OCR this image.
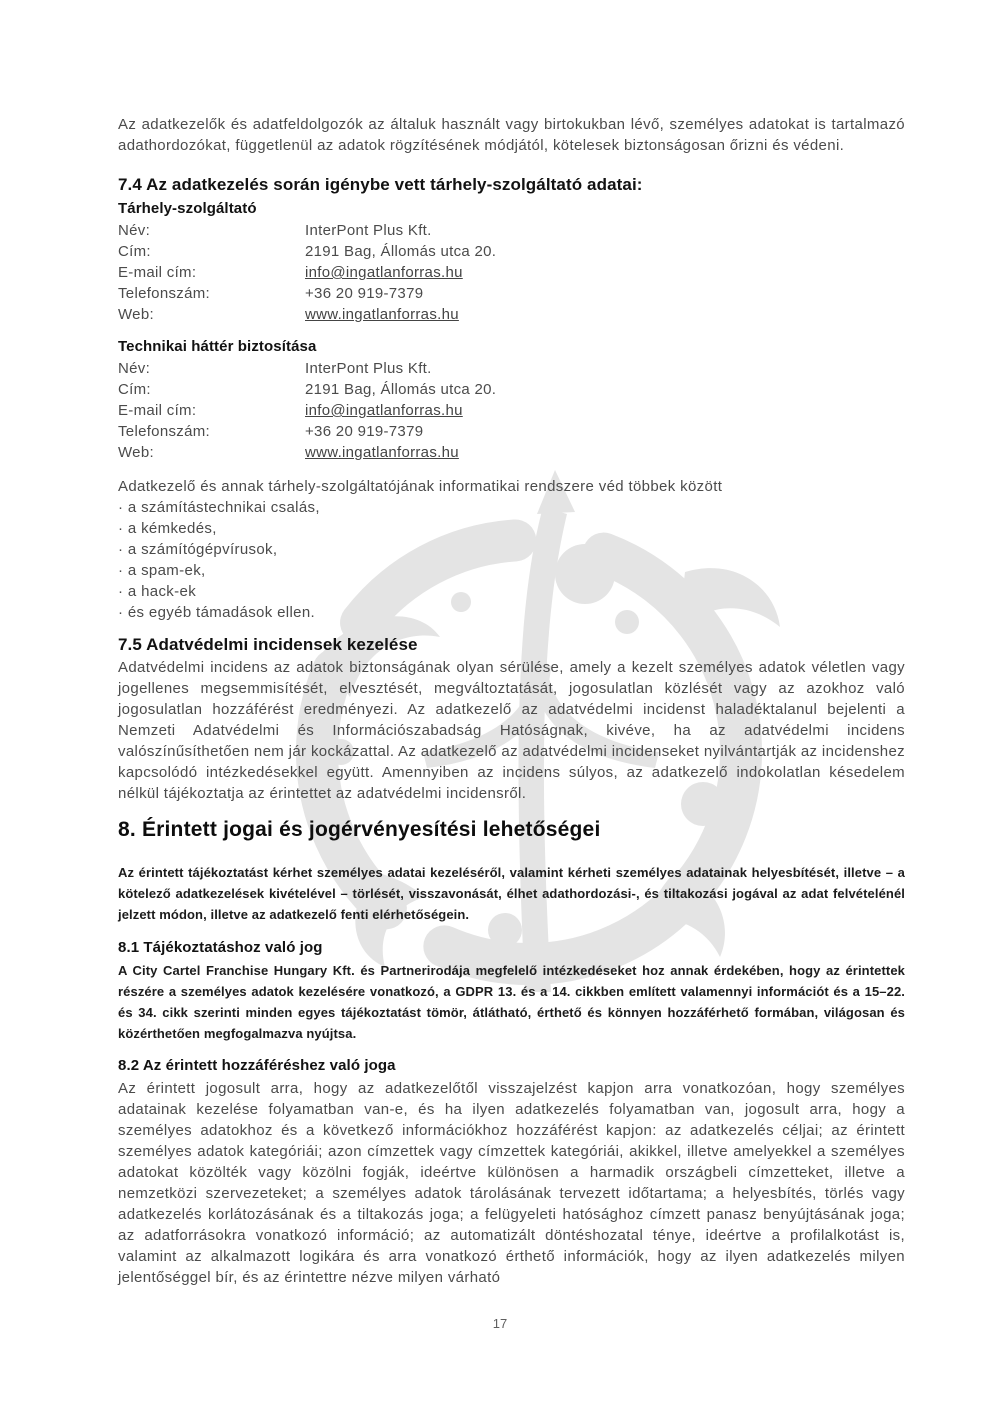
Az adatkezelők és adatfeldolgozók az általuk használt vagy birtokukban lévő, személyes adatokat is tartalmazó adathordozókat, függetlenül az adatok rögzítésének módjától, kötelesek biztonságosan őrizni és védeni.

7.4 Az adatkezelés során igénybe vett tárhely-szolgáltató adatai:
Tárhely-szolgáltató
Név:	InterPont Plus Kft.
Cím:	2191 Bag, Állomás utca 20.
E-mail cím:	info@ingatlanforras.hu
Telefonszám:	+36 20 919-7379
Web:	www.ingatlanforras.hu
Technikai háttér biztosítása
Név:	InterPont Plus Kft.
Cím:	2191 Bag, Állomás utca 20.
E-mail cím:	info@ingatlanforras.hu
Telefonszám:	+36 20 919-7379
Web:	www.ingatlanforras.hu

Adatkezelő és annak tárhely-szolgáltatójának informatikai rendszere véd többek között

· a számítástechnikai csalás,
· a kémkedés,
· a számítógépvírusok,
· a spam-ek,
· a hack-ek
· és egyéb támadások ellen.
7.5 Adatvédelmi incidensek kezelése

Adatvédelmi incidens az adatok biztonságának olyan sérülése, amely a kezelt személyes adatok véletlen vagy jogellenes megsemmisítését, elvesztését, megváltoztatását, jogosulatlan közlését vagy az azokhoz való jogosulatlan hozzáférést eredményezi. Az adatkezelő az adatvédelmi incidenst haladéktalanul bejelenti a Nemzeti Adatvédelmi és Információszabadság Hatóságnak, kivéve, ha az adatvédelmi incidens valószínűsíthetően nem jár kockázattal. Az adatkezelő az adatvédelmi incidenseket nyilvántartják az incidenshez kapcsolódó intézkedésekkel együtt. Amennyiben az incidens súlyos, az adatkezelő indokolatlan késedelem nélkül tájékoztatja az érintettet az adatvédelmi incidensről.

8. Érintett jogai és jogérvényesítési lehetőségei

Az érintett tájékoztatást kérhet személyes adatai kezeléséről, valamint kérheti személyes adatainak helyesbítését, illetve – a kötelező adatkezelések kivételével – törlését, visszavonását, élhet adathordozási-, és tiltakozási jogával az adat felvételénél jelzett módon, illetve az adatkezelő fenti elérhetőségein.

8.1 Tájékoztatáshoz való jog

A City Cartel Franchise Hungary Kft. és Partnerirodája megfelelő intézkedéseket hoz annak érdekében, hogy az érintettek részére a személyes adatok kezelésére vonatkozó, a GDPR 13. és a 14. cikkben említett valamennyi információt és a 15–22. és 34. cikk szerinti minden egyes tájékoztatást tömör, átlátható, érthető és könnyen hozzáférhető formában, világosan és közérthetően megfogalmazva nyújtsa.

8.2 Az érintett hozzáféréshez való joga

Az érintett jogosult arra, hogy az adatkezelőtől visszajelzést kapjon arra vonatkozóan, hogy személyes adatainak kezelése folyamatban van-e, és ha ilyen adatkezelés folyamatban van, jogosult arra, hogy a személyes adatokhoz és a következő információkhoz hozzáférést kapjon: az adatkezelés céljai; az érintett személyes adatok kategóriái; azon címzettek vagy címzettek kategóriái, akikkel, illetve amelyekkel a személyes adatokat közölték vagy közölni fogják, ideértve különösen a harmadik országbeli címzetteket, illetve a nemzetközi szervezeteket; a személyes adatok tárolásának tervezett időtartama; a helyesbítés, törlés vagy adatkezelés korlátozásának és a tiltakozás joga; a felügyeleti hatósághoz címzett panasz benyújtásának joga; az adatforrásokra vonatkozó információ; az automatizált döntéshozatal ténye, ideértve a profilalkotást is, valamint az alkalmazott logikára és arra vonatkozó érthető információk, hogy az ilyen adatkezelés milyen jelentőséggel bír, és az érintettre nézve milyen várható

17
